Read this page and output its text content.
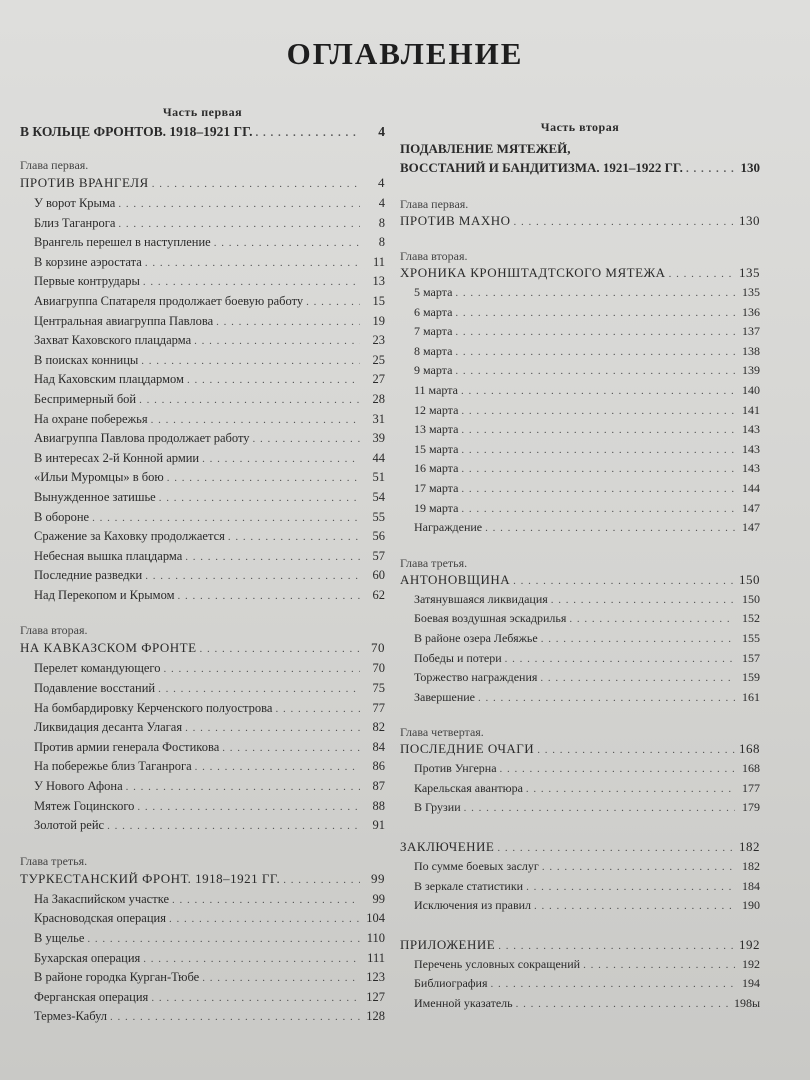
ОГЛАВЛЕНИЕ
Часть первая
В КОЛЬЦЕ ФРОНТОВ. 1918–1921 ГГ. . . .	4
Глава первая.
ПРОТИВ ВРАНГЕЛЯ . . .	4
У ворот Крыма . . .	4
Близ Таганрога . . .	8
Врангель перешел в наступление . . .	8
В корзине аэростата . . .	11
Первые контрудары . . .	13
Авиагруппа Спатареля продолжает боевую работу . . .	15
Центральная авиагруппа Павлова . . .	19
Захват Каховского плацдарма . . .	23
В поисках конницы . . .	25
Над Каховским плацдармом . . .	27
Беспримерный бой . . .	28
На охране побережья . . .	31
Авиагруппа Павлова продолжает работу . . .	39
В интересах 2-й Конной армии . . .	44
«Ильи Муромцы» в бою . . .	51
Вынужденное затишье . . .	54
В обороне . . .	55
Сражение за Каховку продолжается . . .	56
Небесная вышка плацдарма . . .	57
Последние разведки . . .	60
Над Перекопом и Крымом . . .	62
Глава вторая.
НА КАВКАЗСКОМ ФРОНТЕ . . .	70
Перелет командующего . . .	70
Подавление восстаний . . .	75
На бомбардировку Керченского полуострова . . .	77
Ликвидация десанта Улагая . . .	82
Против армии генерала Фостикова . . .	84
На побережье близ Таганрога . . .	86
У Нового Афона . . .	87
Мятеж Гоцинского . . .	88
Золотой рейс . . .	91
Глава третья.
ТУРКЕСТАНСКИЙ ФРОНТ. 1918–1921 ГГ. . . .	99
На Закаспийском участке . . .	99
Красноводская операция . . .	104
В ущелье . . .	110
Бухарская операция . . .	111
В районе городка Курган-Тюбе . . .	123
Ферганская операция . . .	127
Термез-Кабул . . .	128
Часть вторая
ПОДАВЛЕНИЕ МЯТЕЖЕЙ,
ВОССТАНИЙ И БАНДИТИЗМА. 1921–1922 ГГ. . . .	130
Глава первая.
ПРОТИВ МАХНО . . .	130
Глава вторая.
ХРОНИКА КРОНШТАДТСКОГО МЯТЕЖА . . .	135
5 марта . . .	135
6 марта . . .	136
7 марта . . .	137
8 марта . . .	138
9 марта . . .	139
11 марта . . .	140
12 марта . . .	141
13 марта . . .	143
15 марта . . .	143
16 марта . . .	143
17 марта . . .	144
19 марта . . .	147
Награждение . . .	147
Глава третья.
АНТОНОВЩИНА . . .	150
Затянувшаяся ликвидация . . .	150
Боевая воздушная эскадрилья . . .	152
В районе озера Лебяжье . . .	155
Победы и потери . . .	157
Торжество награждения . . .	159
Завершение . . .	161
Глава четвертая.
ПОСЛЕДНИЕ ОЧАГИ . . .	168
Против Унгерна . . .	168
Карельская авантюра . . .	177
В Грузии . . .	179
ЗАКЛЮЧЕНИЕ . . .	182
По сумме боевых заслуг . . .	182
В зеркале статистики . . .	184
Исключения из правил . . .	190
ПРИЛОЖЕНИЕ . . .	192
Перечень условных сокращений . . .	192
Библиография . . .	194
Именной указатель . . .	198ы
